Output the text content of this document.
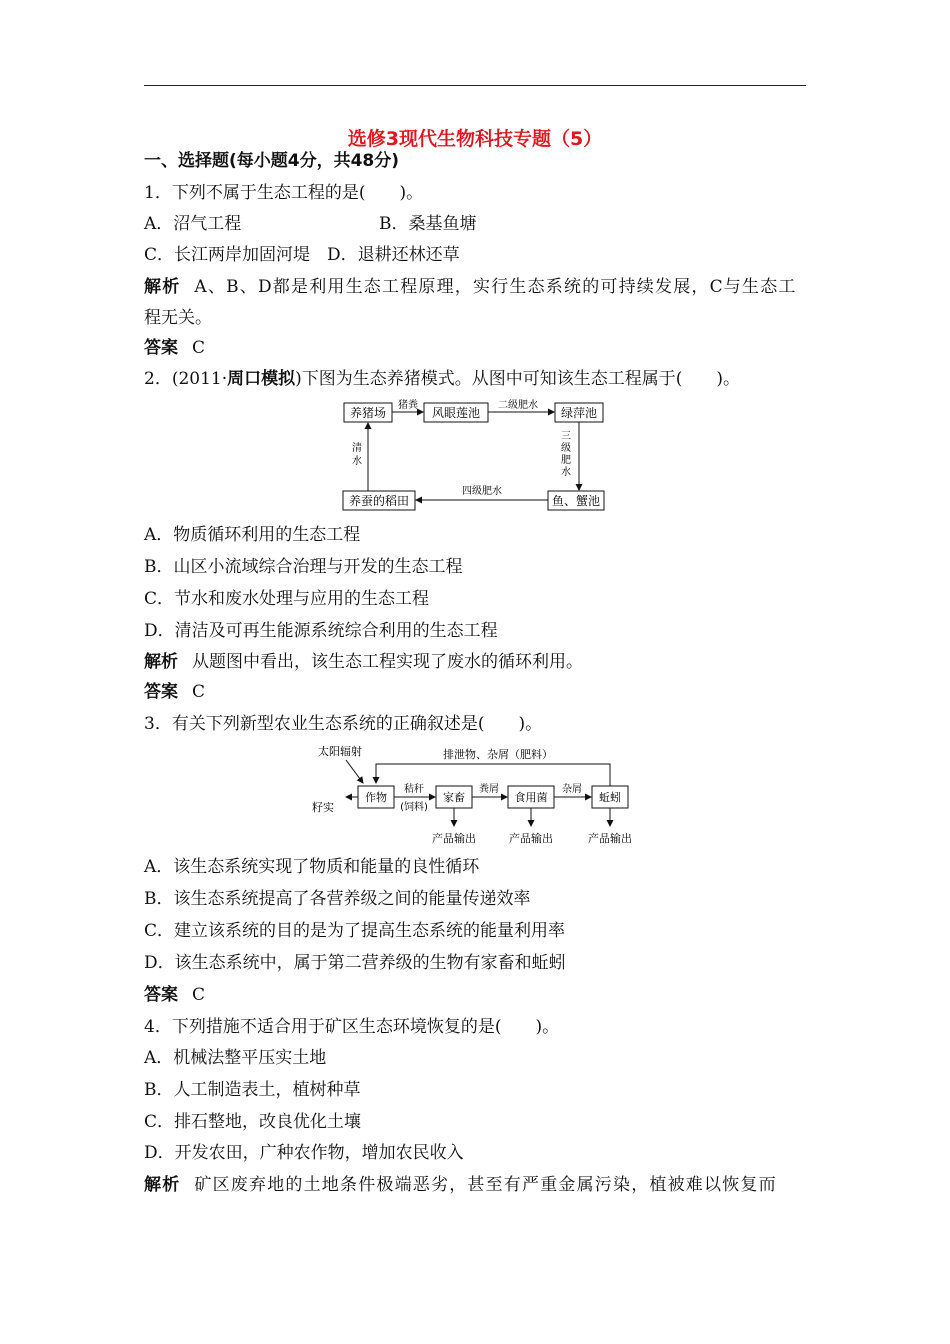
选修3现代生物科技专题（5）
一、选择题(每小题4分，共48分)
1．下列不属于生态工程的是(　　)。
A．沼气工程	B．桑基鱼塘
C．长江两岸加固河堤　D．退耕还林还草
解析 A、B、D都是利用生态工程原理，实行生态系统的可持续发展，C与生态工
程无关。
答案 C
2．(2011·周口模拟)下图为生态养猪模式。从图中可知该生态工程属于(　　)。
养猪场	风眼莲池	绿萍池
鱼、蟹池
养蚕的稻田
猪粪	二级肥水
三
级
肥
水
四级肥水
清
水
A．物质循环利用的生态工程
B．山区小流域综合治理与开发的生态工程
C．节水和废水处理与应用的生态工程
D．清洁及可再生能源系统综合利用的生态工程
解析 从题图中看出，该生态工程实现了废水的循环利用。
答案 C
3．有关下列新型农业生态系统的正确叙述是(　　)。
太阳辐射	排泄物、杂屑（肥料）
作物	家畜	食用菌	蚯蚓
籽实
秸秆
(饲料)
粪屑	杂屑
产品输出	产品输出	产品输出
A．该生态系统实现了物质和能量的良性循环
B．该生态系统提高了各营养级之间的能量传递效率
C．建立该系统的目的是为了提高生态系统的能量利用率
D．该生态系统中，属于第二营养级的生物有家畜和蚯蚓
答案 C
4．下列措施不适合用于矿区生态环境恢复的是(　　)。
A．机械法整平压实土地
B．人工制造表土，植树种草
C．排石整地，改良优化土壤
D．开发农田，广种农作物，增加农民收入
解析 矿区废弃地的土地条件极端恶劣，甚至有严重金属污染，植被难以恢复而
